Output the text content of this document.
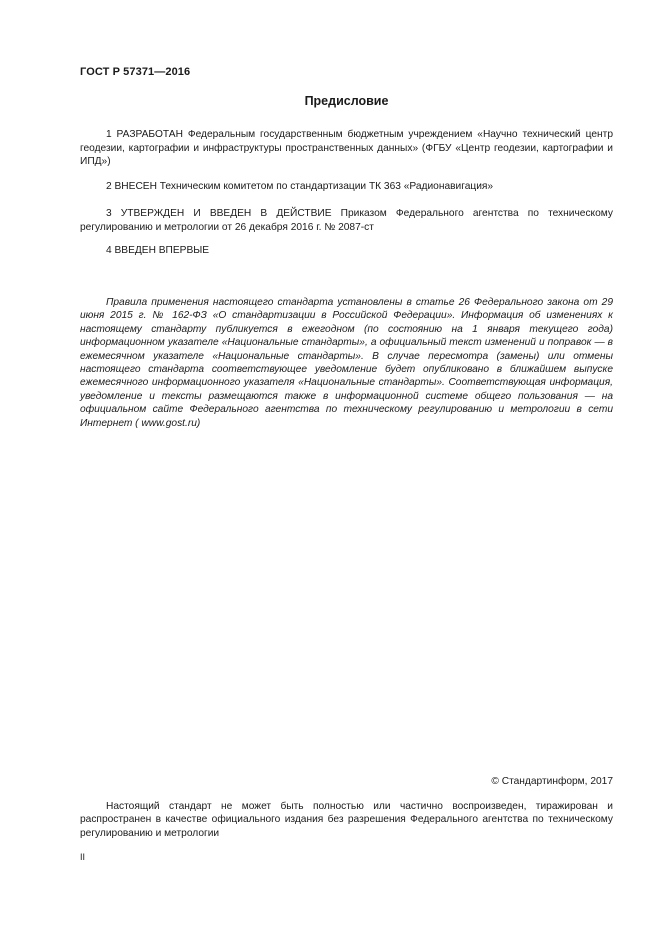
ГОСТ Р 57371—2016
Предисловие

1 РАЗРАБОТАН Федеральным государственным бюджетным учреждением «Научно технический центр геодезии, картографии и инфраструктуры пространственных данных» (ФГБУ «Центр геодезии, картографии и ИПД»)

2 ВНЕСЕН Техническим комитетом по стандартизации ТК 363 «Радионавигация»

3 УТВЕРЖДЕН И ВВЕДЕН В ДЕЙСТВИЕ Приказом Федерального агентства по техническому регулированию и метрологии от 26 декабря 2016 г. № 2087-ст

4 ВВЕДЕН ВПЕРВЫЕ

Правила применения настоящего стандарта установлены в статье 26 Федерального закона от 29 июня 2015 г. № 162-ФЗ «О стандартизации в Российской Федерации». Информация об изменениях к настоящему стандарту публикуется в ежегодном (по состоянию на 1 января текущего года) информационном указателе «Национальные стандарты», а официальный текст изменений и поправок — в ежемесячном указателе «Национальные стандарты». В случае пересмотра (замены) или отмены настоящего стандарта соответствующее уведомление будет опубликовано в ближайшем выпуске ежемесячного информационного указателя «Национальные стандарты». Соответствующая информация, уведомление и тексты размещаются также в информационной системе общего пользования — на официальном сайте Федерального агентства по техническому регулированию и метрологии в сети Интернет ( www.gost.ru)

© Стандартинформ, 2017

Настоящий стандарт не может быть полностью или частично воспроизведен, тиражирован и распространен в качестве официального издания без разрешения Федерального агентства по техническому регулированию и метрологии

II
